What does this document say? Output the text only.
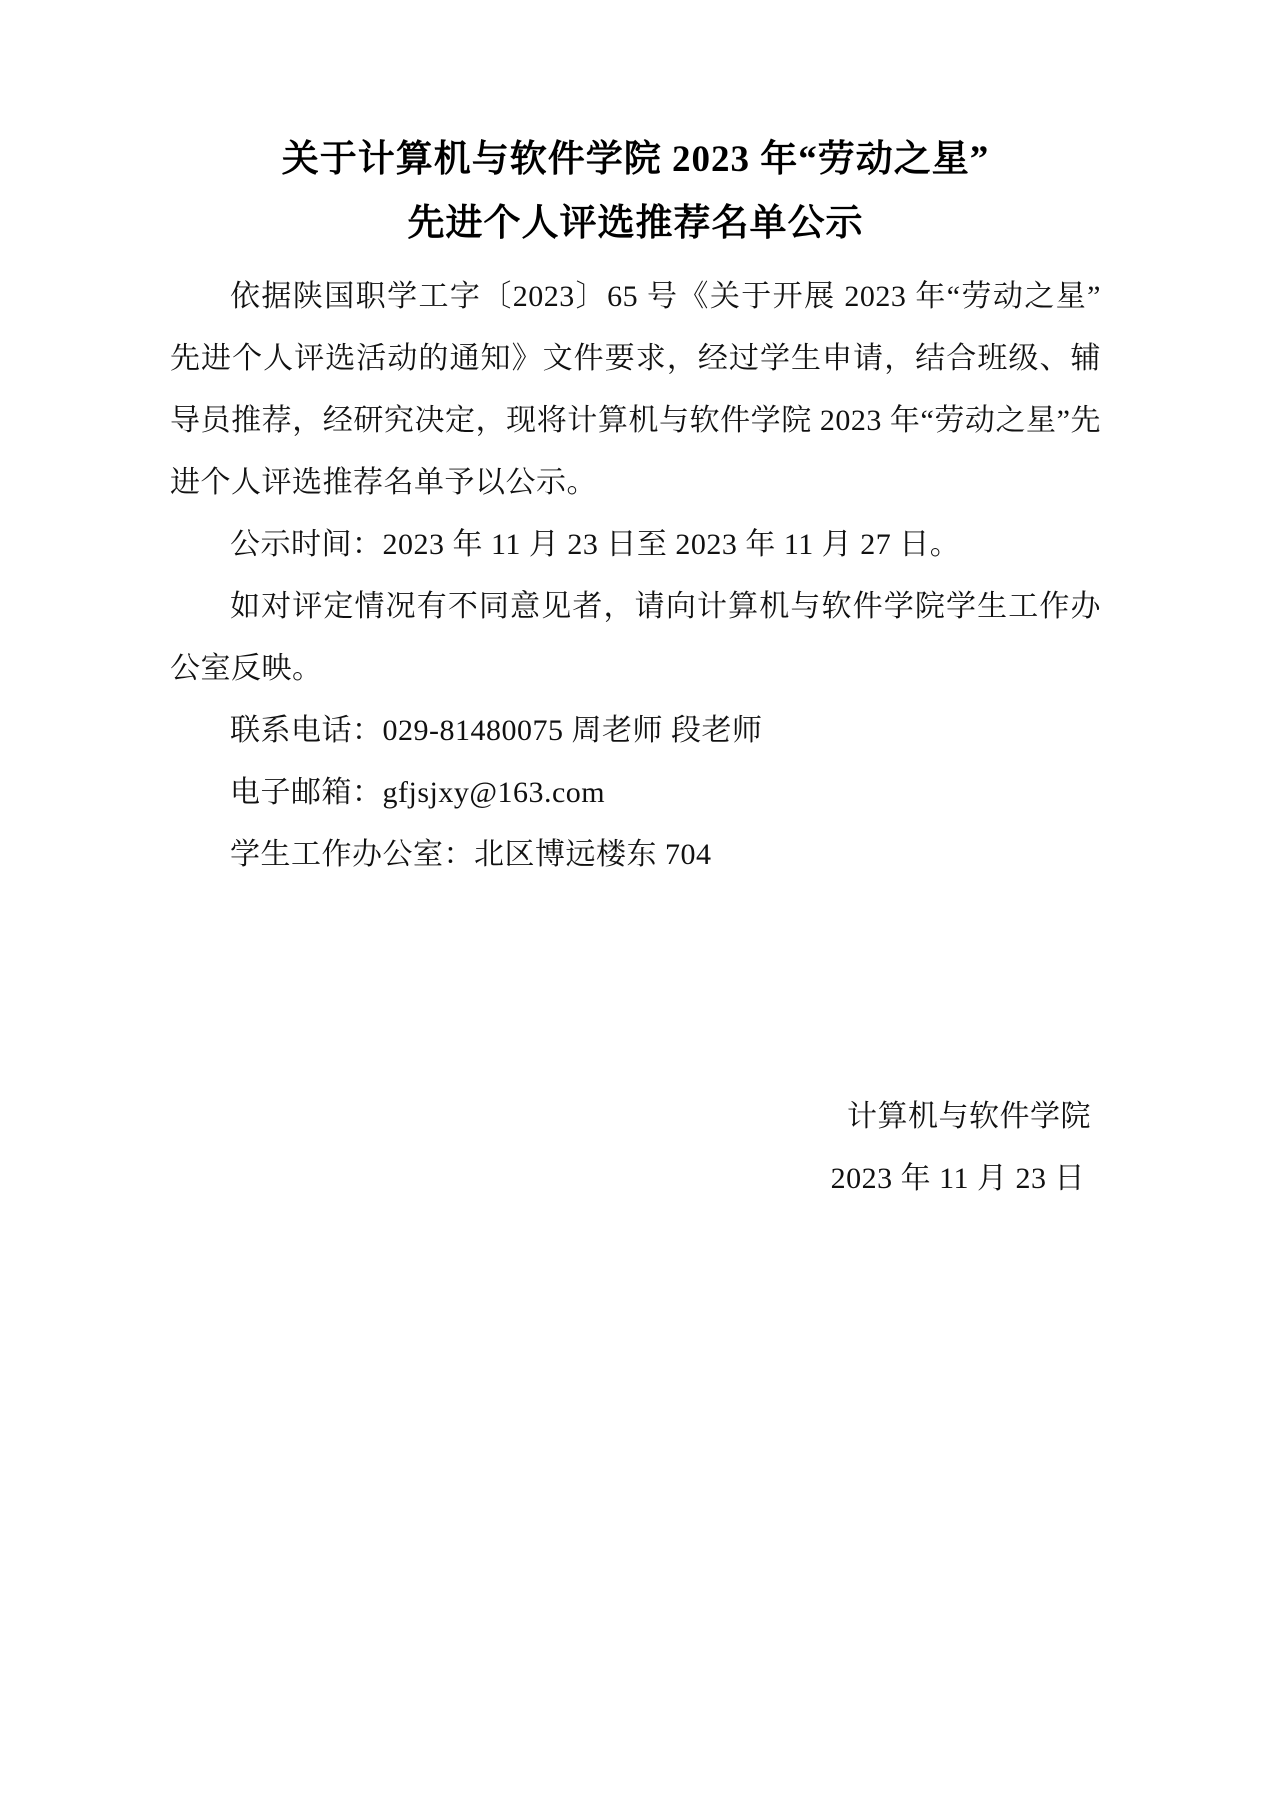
关于计算机与软件学院 2023 年“劳动之星”
先进个人评选推荐名单公示

依据陕国职学工字〔2023〕65 号《关于开展 2023 年“劳动之星”先进个人评选活动的通知》文件要求，经过学生申请，结合班级、辅导员推荐，经研究决定，现将计算机与软件学院 2023 年“劳动之星”先进个人评选推荐名单予以公示。

公示时间：2023 年 11 月 23 日至 2023 年 11 月 27 日。

如对评定情况有不同意见者，请向计算机与软件学院学生工作办公室反映。

联系电话：029-81480075 周老师 段老师

电子邮箱：gfjsjxy@163.com

学生工作办公室：北区博远楼东 704

计算机与软件学院
2023 年 11 月 23 日
